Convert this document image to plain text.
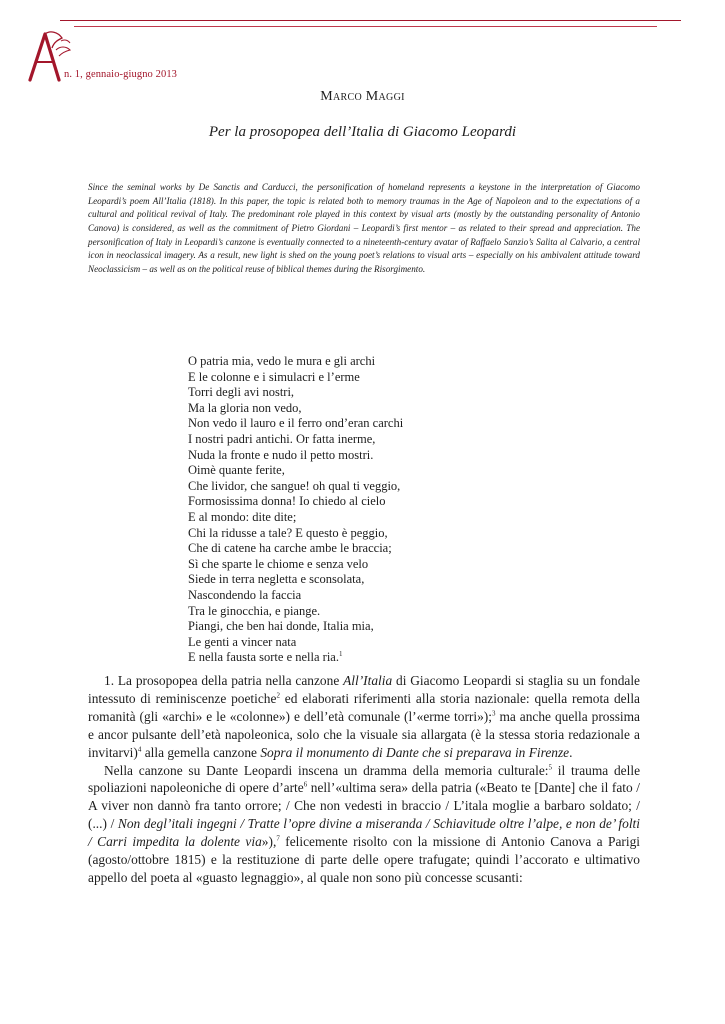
n. 1, gennaio-giugno 2013
Marco Maggi
Per la prosopopea dell’Italia di Giacomo Leopardi

Since the seminal works by De Sanctis and Carducci, the personification of homeland represents a keystone in the interpretation of Giacomo Leopardi’s poem All’Italia (1818). In this paper, the topic is related both to memory traumas in the Age of Napoleon and to the expectations of a cultural and political revival of Italy. The predominant role played in this context by visual arts (mostly by the outstanding personality of Antonio Canova) is considered, as well as the commitment of Pietro Giordani – Leopardi’s first mentor – as related to their spread and appreciation. The personification of Italy in Leopardi’s canzone is eventually connected to a nineteenth-century avatar of Raffaelo Sanzio’s Salita al Calvario, a central icon in neoclassical imagery. As a result, new light is shed on the young poet’s relations to visual arts – especially on his ambivalent attitude toward Neoclassicism – as well as on the political reuse of biblical themes during the Risorgimento.

O patria mia, vedo le mura e gli archi
E le colonne e i simulacri e l’erme
Torri degli avi nostri,
Ma la gloria non vedo,
Non vedo il lauro e il ferro ond’eran carchi
I nostri padri antichi. Or fatta inerme,
Nuda la fronte e nudo il petto mostri.
Oimè quante ferite,
Che lividor, che sangue! oh qual ti veggio,
Formosissima donna! Io chiedo al cielo
E al mondo: dite dite;
Chi la ridusse a tale? E questo è peggio,
Che di catene ha carche ambe le braccia;
Sì che sparte le chiome e senza velo
Siede in terra negletta e sconsolata,
Nascondendo la faccia
Tra le ginocchia, e piange.
Piangi, che ben hai donde, Italia mia,
Le genti a vincer nata
E nella fausta sorte e nella ria.$^1$

1. La prosopopea della patria nella canzone All’Italia di Giacomo Leopardi si staglia su un fondale intessuto di reminiscenze poetiche$^2$ ed elaborati riferimenti alla storia nazionale: quella remota della romanità (gli «archi» e le «colonne») e dell’età comunale (l’«erme torri»);$^3$ ma anche quella prossima e ancor pulsante dell’età napoleonica, solo che la visuale sia allargata (è la stessa storia redazionale a invitarvi)$^4$ alla gemella canzone Sopra il monumento di Dante che si preparava in Firenze.

Nella canzone su Dante Leopardi inscena un dramma della memoria culturale:$^5$ il trauma delle spoliazioni napoleoniche di opere d’arte$^6$ nell’«ultima sera» della patria («Beato te [Dante] che il fato / A viver non dannò fra tanto orrore; / Che non vedesti in braccio / L’itala moglie a barbaro soldato; / (...) / Non degl’itali ingegni / Tratte l’opre divine a miseranda / Schiavitude oltre l’alpe, e non de’ folti / Carri impedita la dolente via»),$^7$ felicemente risolto con la missione di Antonio Canova a Parigi (agosto/ottobre 1815) e la restituzione di parte delle opere trafugate; quindi l’accorato e ultimativo appello del poeta al «guasto legnaggio», al quale non sono più concesse scusanti:
